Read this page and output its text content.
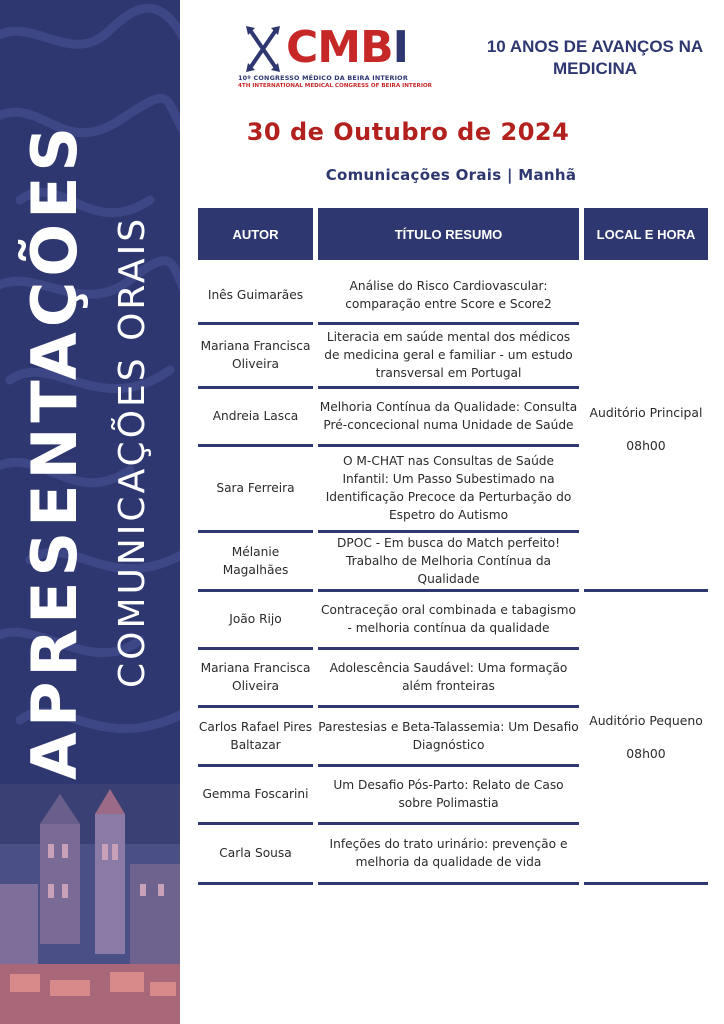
APRESENTAÇÕES COMUNICAÇÕES ORAIS
CMBI
10º CONGRESSO MÉDICO DA BEIRA INTERIOR
4TH INTERNATIONAL MEDICAL CONGRESS OF BEIRA INTERIOR
10 ANOS DE AVANÇOS NA MEDICINA
30 de Outubro de 2024
Comunicações Orais | Manhã
AUTOR	TÍTULO RESUMO	LOCAL E HORA
Inês Guimarães
Análise do Risco Cardiovascular: comparação entre Score e Score2
Mariana Francisca Oliveira
Literacia em saúde mental dos médicos de medicina geral e familiar - um estudo transversal em Portugal
Andreia Lasca
Melhoria Contínua da Qualidade: Consulta Pré-concecional numa Unidade de Saúde
Sara Ferreira
O M-CHAT nas Consultas de Saúde Infantil: Um Passo Subestimado na Identificação Precoce da Perturbação do Espetro do Autismo
Mélanie Magalhães
DPOC - Em busca do Match perfeito! Trabalho de Melhoria Contínua da Qualidade
João Rijo
Contraceção oral combinada e tabagismo - melhoria contínua da qualidade
Mariana Francisca Oliveira
Adolescência Saudável: Uma formação além fronteiras
Carlos Rafael Pires Baltazar
Parestesias e Beta-Talassemia: Um Desafio Diagnóstico
Gemma Foscarini
Um Desafio Pós-Parto: Relato de Caso sobre Polimastia
Carla Sousa
Infeções do trato urinário: prevenção e melhoria da qualidade de vida
Auditório Principal
08h00
Auditório Pequeno
08h00
